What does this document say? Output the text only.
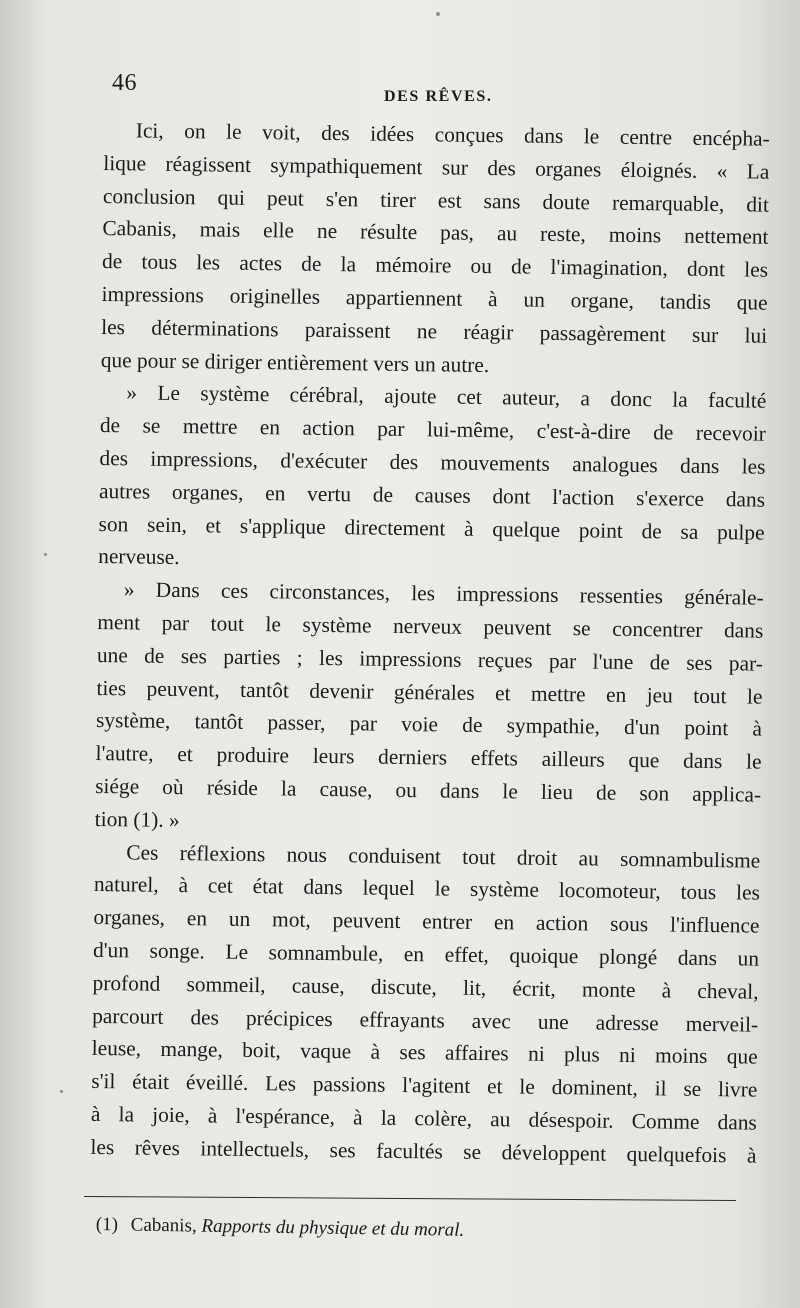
46
DES RÊVES.
Ici, on le voit, des idées conçues dans le centre encépha-
lique réagissent sympathiquement sur des organes éloignés. « La
conclusion qui peut s'en tirer est sans doute remarquable, dit
Cabanis, mais elle ne résulte pas, au reste, moins nettement
de tous les actes de la mémoire ou de l'imagination, dont les
impressions originelles appartiennent à un organe, tandis que
les déterminations paraissent ne réagir passagèrement sur lui
que pour se diriger entièrement vers un autre.
» Le système cérébral, ajoute cet auteur, a donc la faculté
de se mettre en action par lui-même, c'est-à-dire de recevoir
des impressions, d'exécuter des mouvements analogues dans les
autres organes, en vertu de causes dont l'action s'exerce dans
son sein, et s'applique directement à quelque point de sa pulpe
nerveuse.
» Dans ces circonstances, les impressions ressenties générale-
ment par tout le système nerveux peuvent se concentrer dans
une de ses parties ; les impressions reçues par l'une de ses par-
ties peuvent, tantôt devenir générales et mettre en jeu tout le
système, tantôt passer, par voie de sympathie, d'un point à
l'autre, et produire leurs derniers effets ailleurs que dans le
siége où réside la cause, ou dans le lieu de son applica-
tion (1). »
Ces réflexions nous conduisent tout droit au somnambulisme
naturel, à cet état dans lequel le système locomoteur, tous les
organes, en un mot, peuvent entrer en action sous l'influence
d'un songe. Le somnambule, en effet, quoique plongé dans un
profond sommeil, cause, discute, lit, écrit, monte à cheval,
parcourt des précipices effrayants avec une adresse merveil-
leuse, mange, boit, vaque à ses affaires ni plus ni moins que
s'il était éveillé. Les passions l'agitent et le dominent, il se livre
à la joie, à l'espérance, à la colère, au désespoir. Comme dans
les rêves intellectuels, ses facultés se développent quelquefois à
(1) Cabanis, Rapports du physique et du moral.
